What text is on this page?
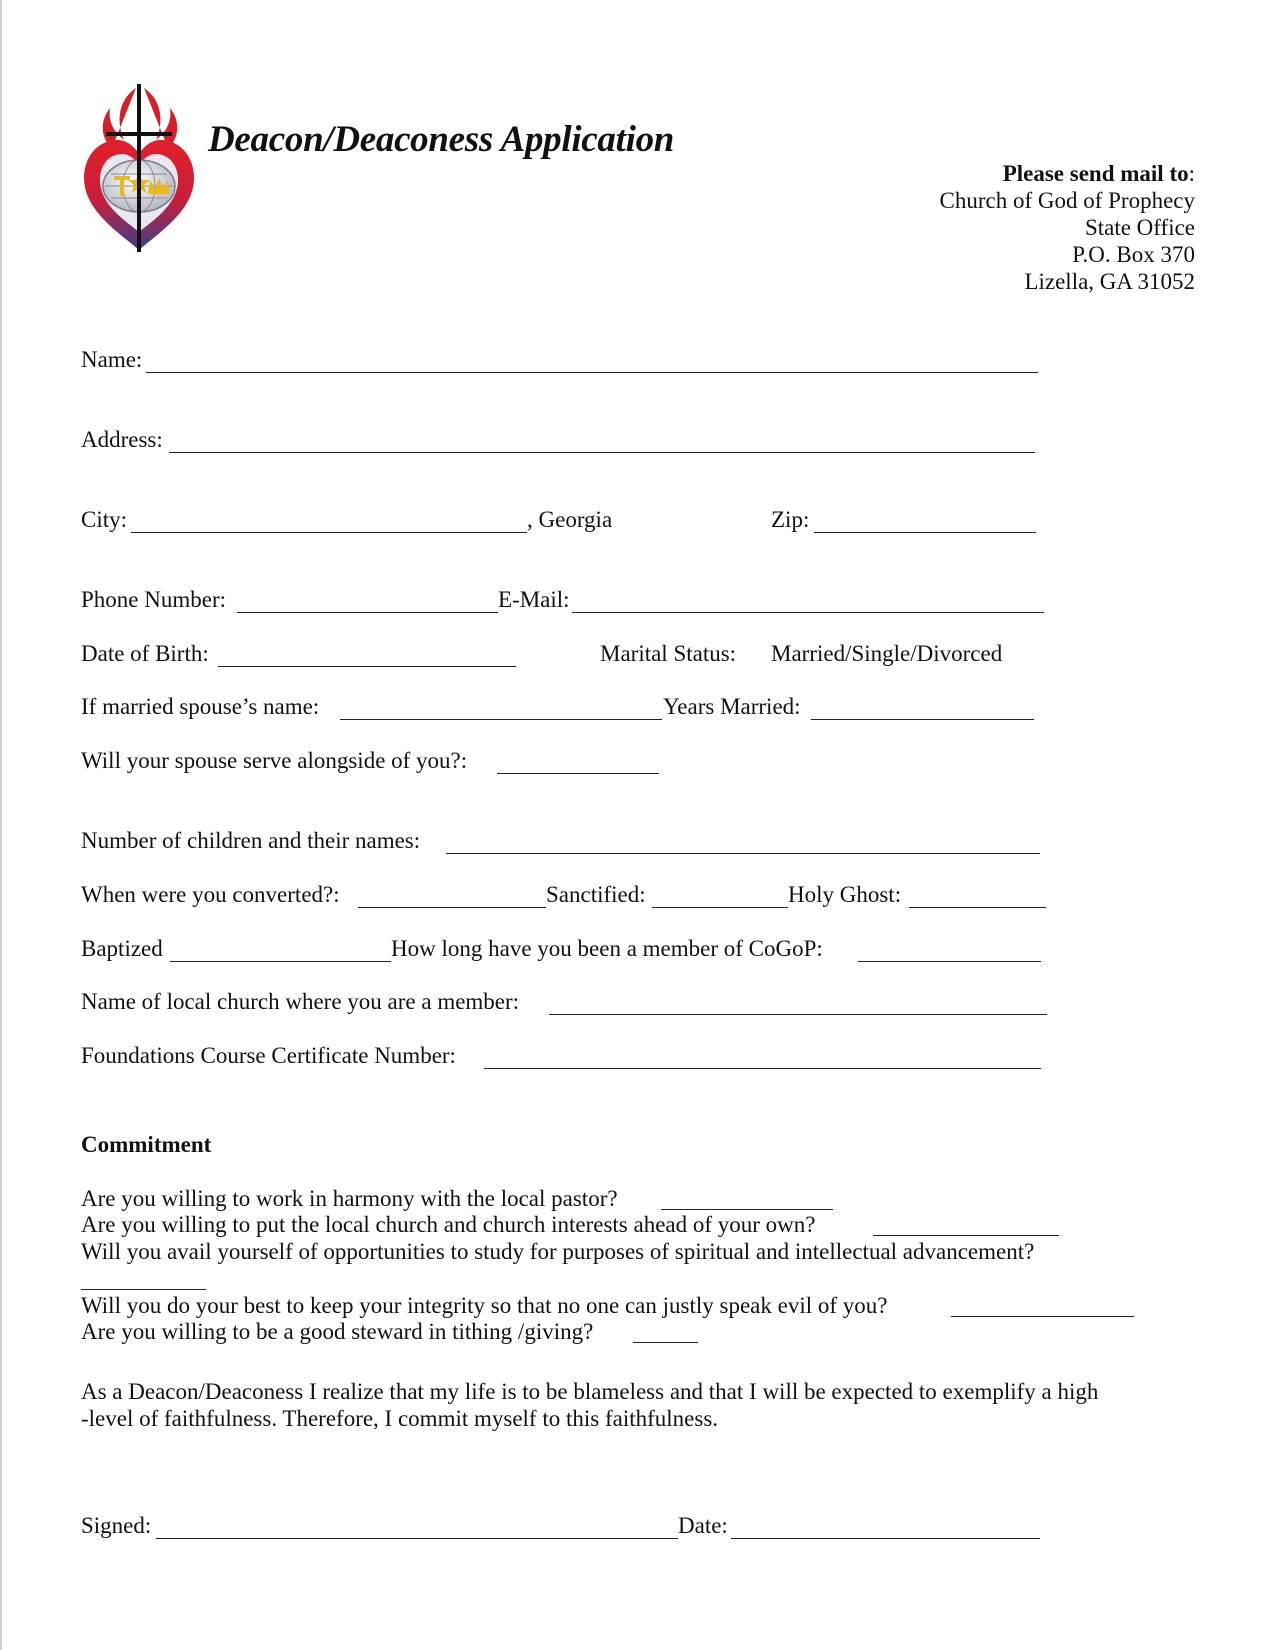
Deacon/Deaconess Application
Please send mail to:
Church of God of Prophecy
State Office
P.O. Box 370
Lizella, GA 31052
Name:
Address:
City:	, Georgia	Zip:
Phone Number:	E-Mail:
Date of Birth:	Marital Status: Married/Single/Divorced
If married spouse’s name:	Years Married:
Will your spouse serve alongside of you?:
Number of children and their names:
When were you converted?:	Sanctified:	Holy Ghost:
Baptized	How long have you been a member of CoGoP:
Name of local church where you are a member:
Foundations Course Certificate Number:
Commitment
Are you willing to work in harmony with the local pastor?
Are you willing to put the local church and church interests ahead of your own?
Will you avail yourself of opportunities to study for purposes of spiritual and intellectual advancement?
Will you do your best to keep your integrity so that no one can justly speak evil of you?
Are you willing to be a good steward in tithing /giving?
As a Deacon/Deaconess I realize that my life is to be blameless and that I will be expected to exemplify a high
-level of faithfulness. Therefore, I commit myself to this faithfulness.
Signed:	Date:
